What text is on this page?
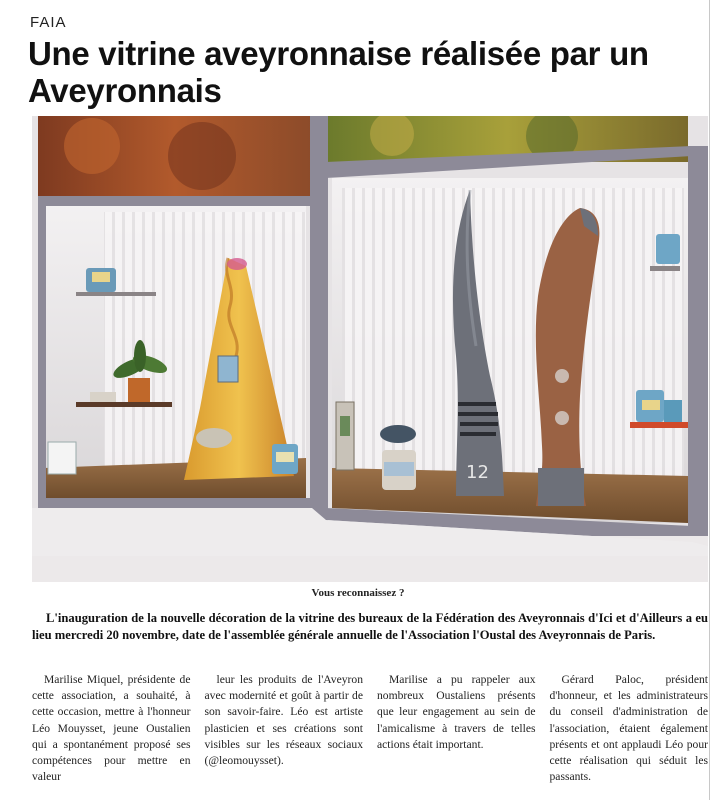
FAIA
Une vitrine aveyronnaise réalisée par un Aveyronnais
12
Vous reconnaissez ?

L'inauguration de la nouvelle décoration de la vitrine des bureaux de la Fédération des Aveyronnais d'Ici et d'Ailleurs a eu lieu mercredi 20 novembre, date de l'assemblée générale annuelle de l'Association l'Oustal des Aveyronnais de Paris.

Marilise Miquel, présidente de cette association, a souhaité, à cette occasion, mettre à l'honneur Léo Mouysset, jeune Oustalien qui a spontanément proposé ses compétences pour mettre en valeur

leur les produits de l'Aveyron avec modernité et goût à partir de son savoir-faire. Léo est artiste plasticien et ses créations sont visibles sur les réseaux sociaux (@leomouysset).

Marilise a pu rappeler aux nombreux Oustaliens présents que leur engagement au sein de l'amicalisme à travers de telles actions était important.

Gérard Paloc, président d'honneur, et les administrateurs du conseil d'administration de l'association, étaient également présents et ont applaudi Léo pour cette réalisation qui séduit les passants.
